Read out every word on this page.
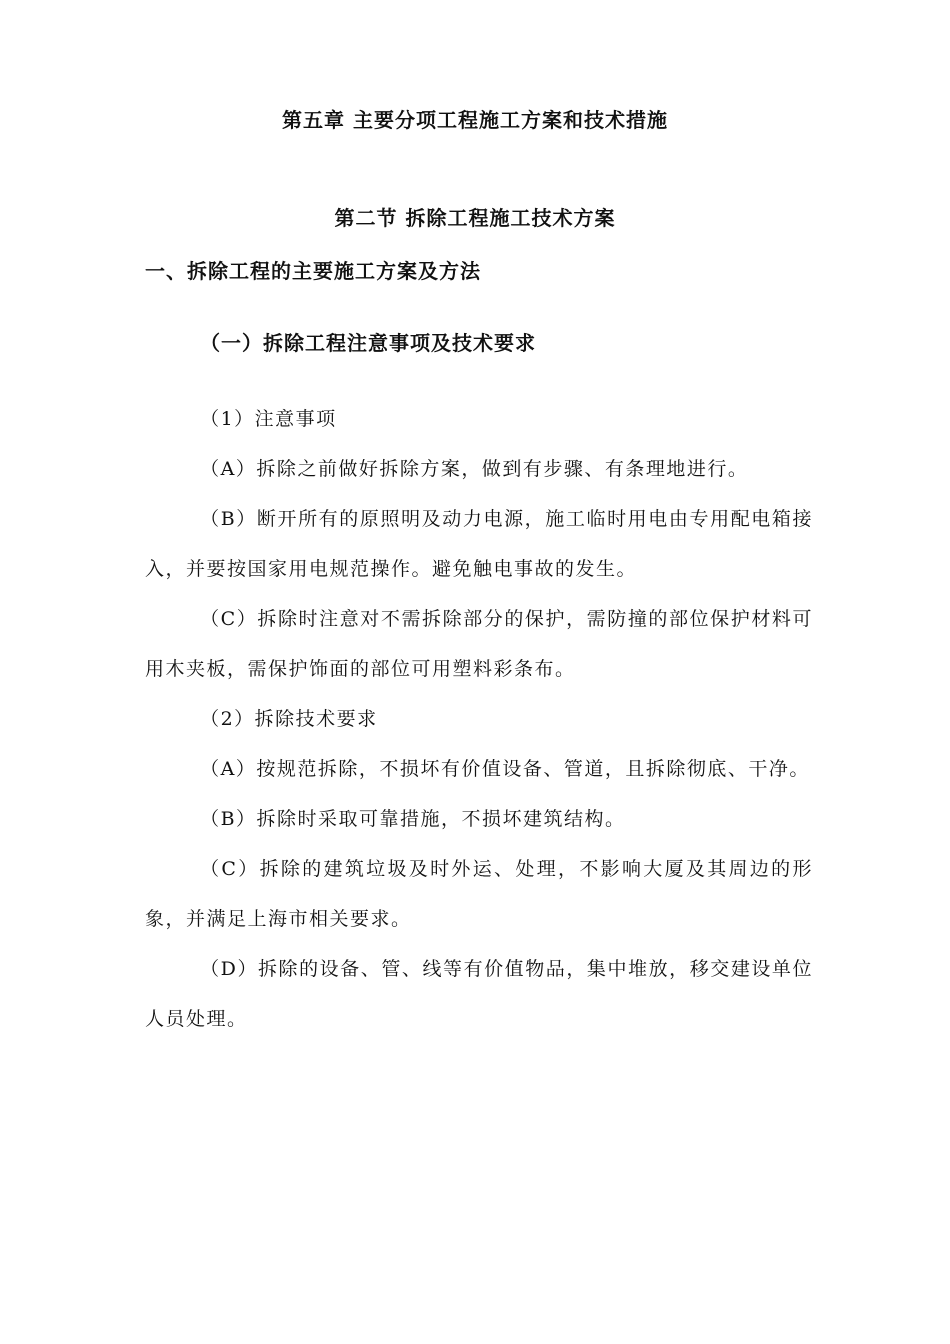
第五章 主要分项工程施工方案和技术措施
第二节 拆除工程施工技术方案
一、拆除工程的主要施工方案及方法
（一）拆除工程注意事项及技术要求

（1）注意事项

（A）拆除之前做好拆除方案，做到有步骤、有条理地进行。

（B）断开所有的原照明及动力电源，施工临时用电由专用配电箱接入，并要按国家用电规范操作。避免触电事故的发生。

（C）拆除时注意对不需拆除部分的保护，需防撞的部位保护材料可用木夹板，需保护饰面的部位可用塑料彩条布。

（2）拆除技术要求

（A）按规范拆除，不损坏有价值设备、管道，且拆除彻底、干净。

（B）拆除时采取可靠措施，不损坏建筑结构。

（C）拆除的建筑垃圾及时外运、处理，不影响大厦及其周边的形象，并满足上海市相关要求。

（D）拆除的设备、管、线等有价值物品，集中堆放，移交建设单位人员处理。
